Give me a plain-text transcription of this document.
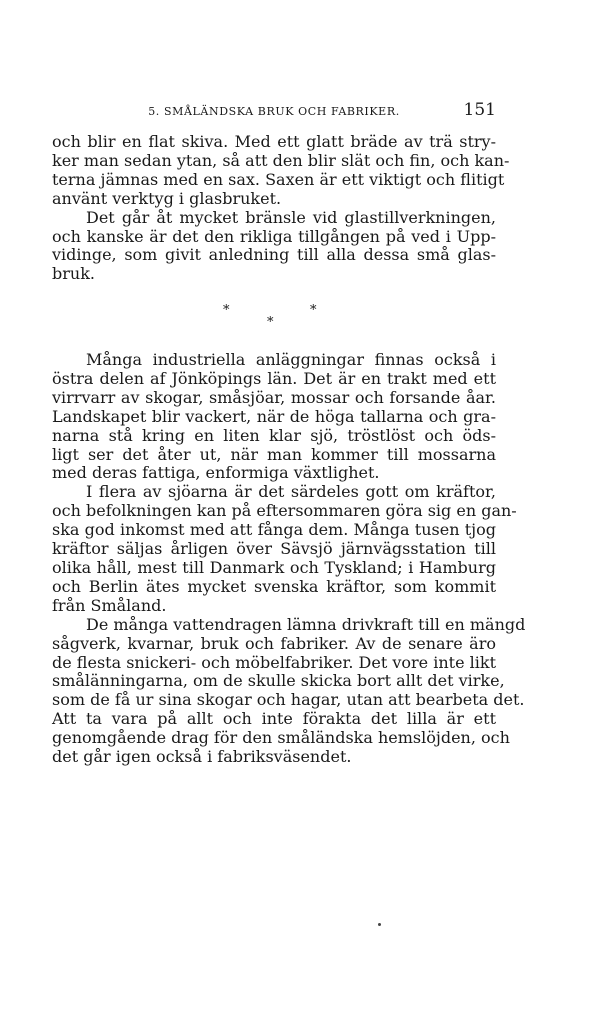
5. SMÅLÄNDSKA BRUK OCH FABRIKER.	151

och blir en flat skiva. Med ett glatt bräde av trä stry-
ker man sedan ytan, så att den blir slät och fin, och kan-
terna jämnas med en sax. Saxen är ett viktigt och flitigt
använt verktyg i glasbruket.

Det går åt mycket bränsle vid glastillverkningen,
och kanske är det den rikliga tillgången på ved i Upp-
vidinge, som givit anledning till alla dessa små glas-
bruk.

*	*
*

Många industriella anläggningar finnas också i
östra delen af Jönköpings län. Det är en trakt med ett
virrvarr av skogar, småsjöar, mossar och forsande åar.
Landskapet blir vackert, när de höga tallarna och gra-
narna stå kring en liten klar sjö, tröstlöst och öds-
ligt ser det åter ut, när man kommer till mossarna
med deras fattiga, enformiga växtlighet.

I flera av sjöarna är det särdeles gott om kräftor,
och befolkningen kan på eftersommaren göra sig en gan-
ska god inkomst med att fånga dem. Många tusen tjog
kräftor säljas årligen över Sävsjö järnvägsstation till
olika håll, mest till Danmark och Tyskland; i Hamburg
och Berlin ätes mycket svenska kräftor, som kommit
från Småland.

De många vattendragen lämna drivkraft till en mängd
sågverk, kvarnar, bruk och fabriker. Av de senare äro
de flesta snickeri- och möbelfabriker. Det vore inte likt
smålänningarna, om de skulle skicka bort allt det virke,
som de få ur sina skogar och hagar, utan att bearbeta det.
Att ta vara på allt och inte förakta det lilla är ett
genomgående drag för den småländska hemslöjden, och
det går igen också i fabriksväsendet.
